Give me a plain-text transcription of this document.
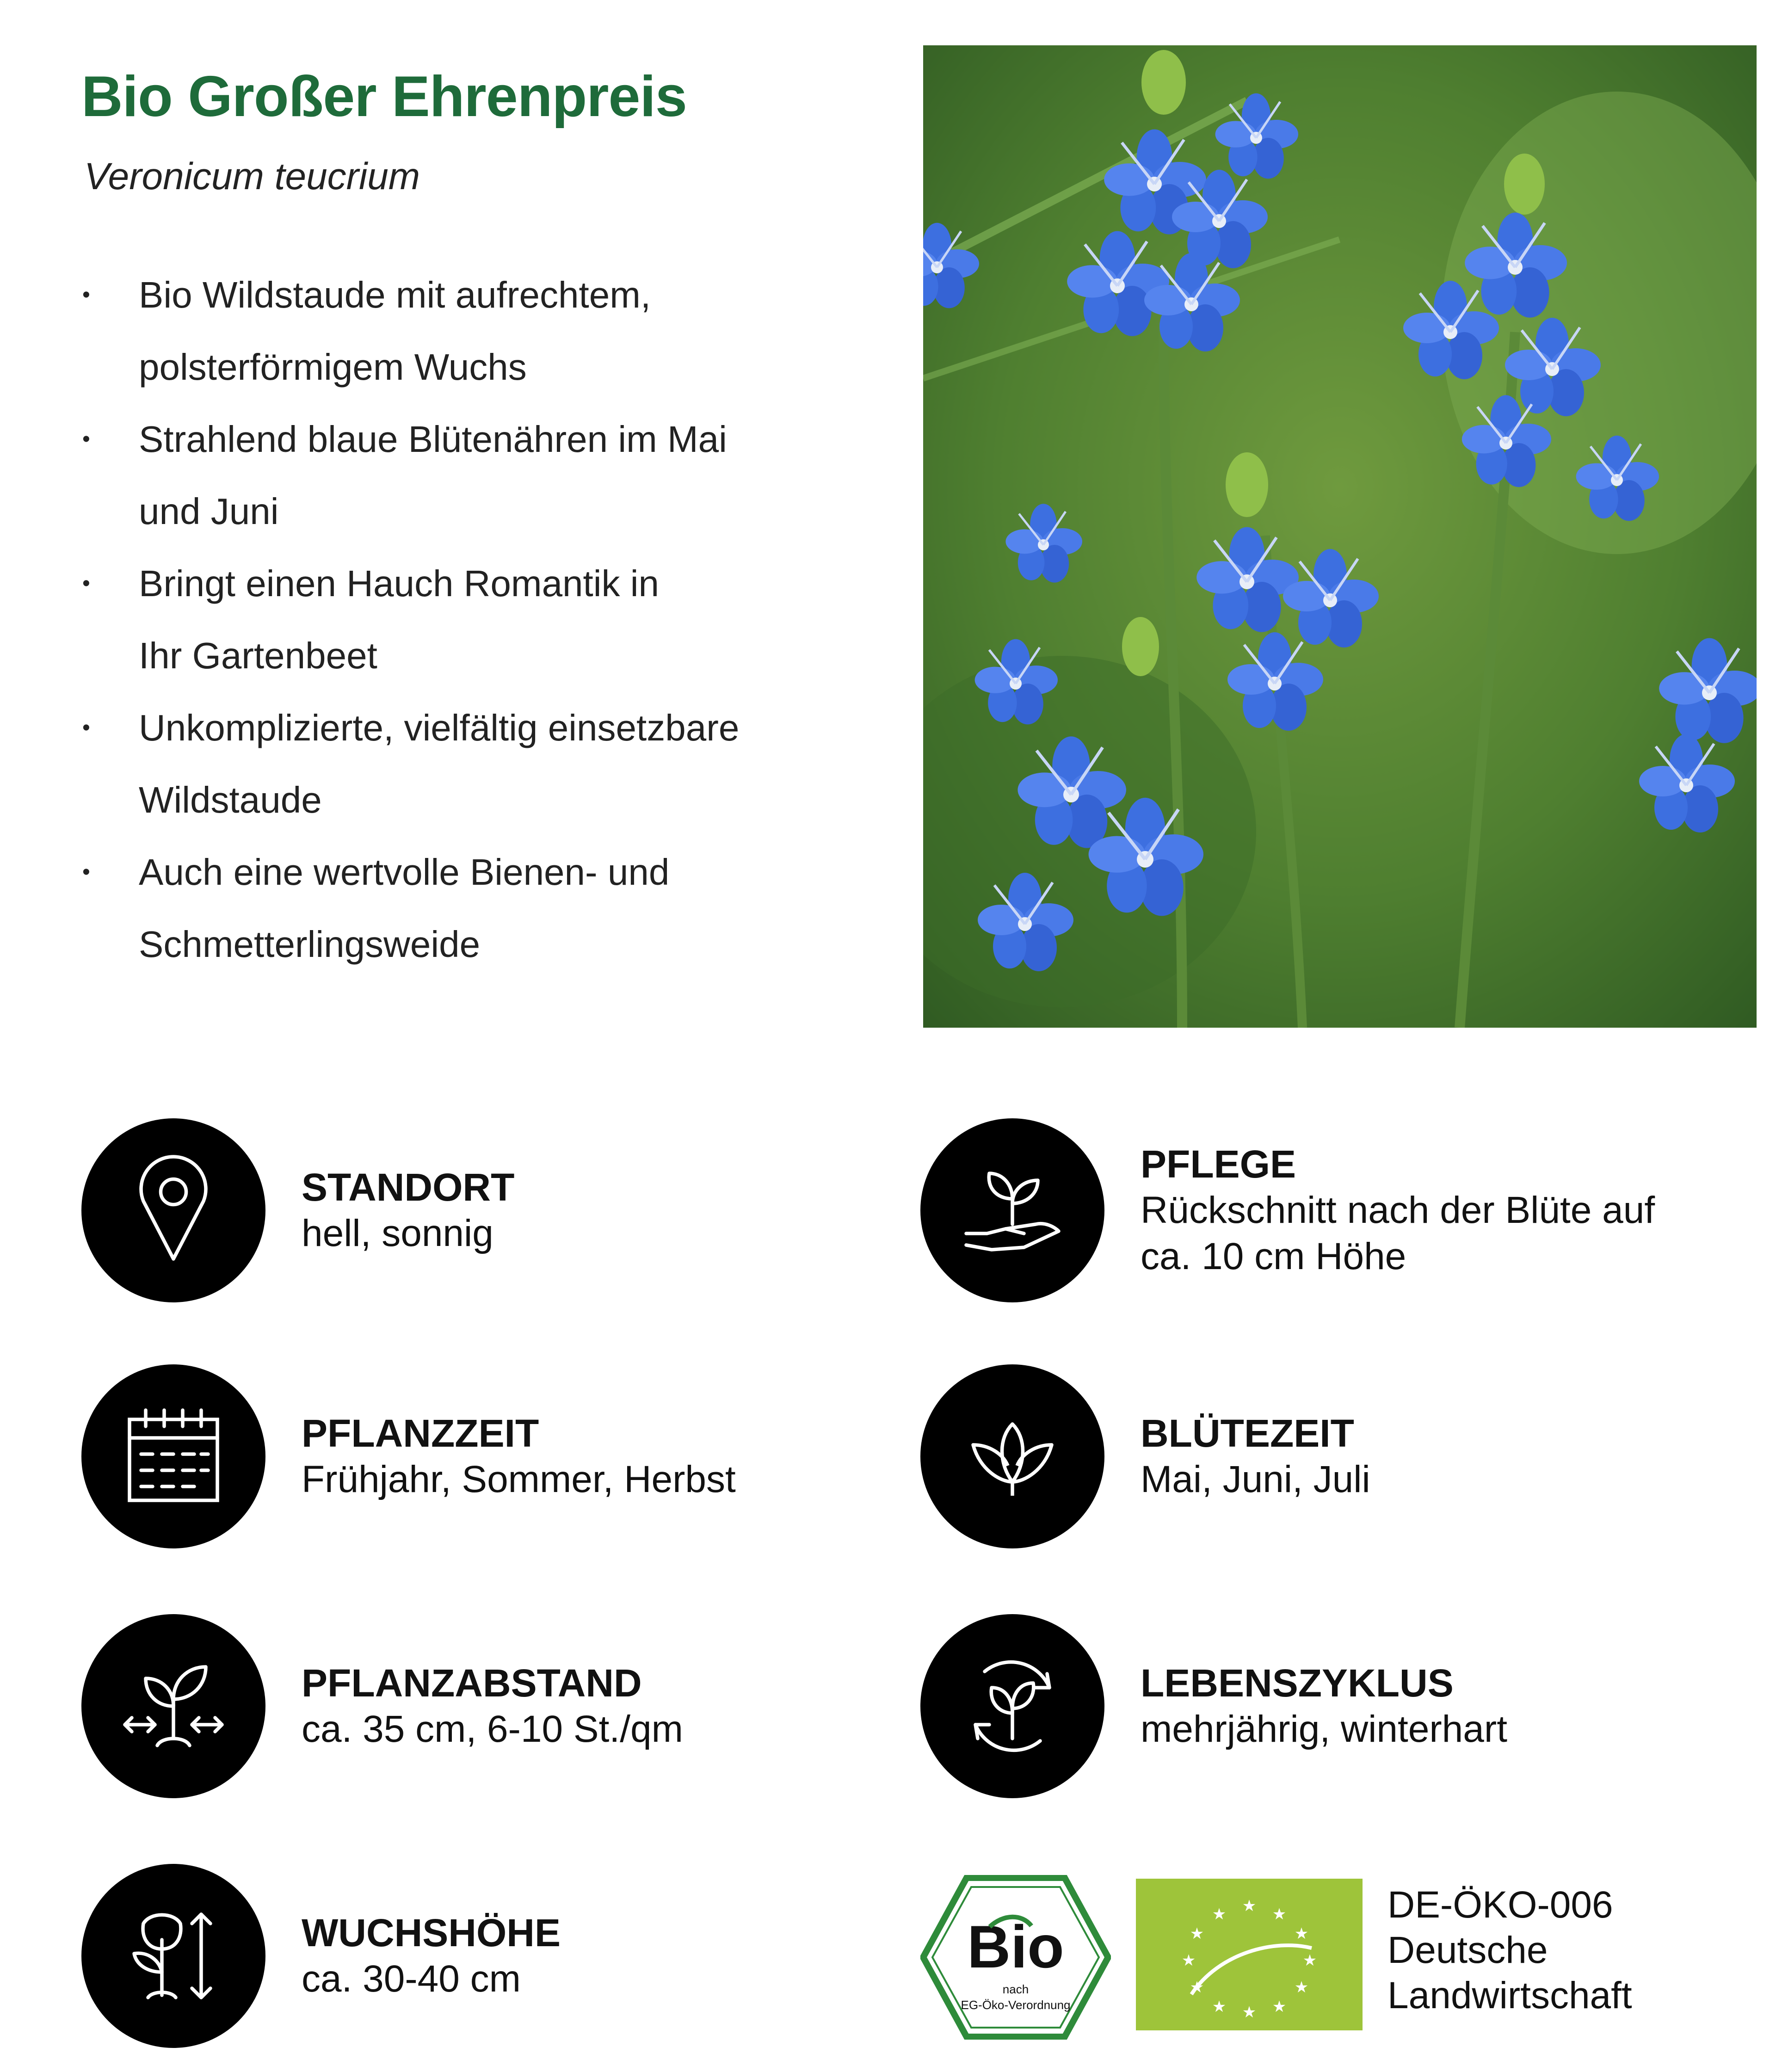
Bio Großer Ehrenpreis
Veronicum teucrium
• Bio Wildstaude mit aufrechtem,
polsterförmigem Wuchs
• Strahlend blaue Blütenähren im Mai
und Juni
• Bringt einen Hauch Romantik in
Ihr Gartenbeet
• Unkomplizierte, vielfältig einsetzbare
Wildstaude
• Auch eine wertvolle Bienen- und
Schmetterlingsweide
STANDORT
hell, sonnig
PFLEGE
Rückschnitt nach der Blüte auf
ca. 10 cm Höhe
PFLANZZEIT
Frühjahr, Sommer, Herbst
BLÜTEZEIT
Mai, Juni, Juli
PFLANZABSTAND
ca. 35 cm, 6-10 St./qm
LEBENSZYKLUS
mehrjährig, winterhart
WUCHSHÖHE
ca. 30-40 cm	Bio
nach
EG-Öko-Verordnung
★ ★
★
★
★
★
★
★
★
★
★ ★
DE-ÖKO-006
Deutsche
Landwirtschaft
